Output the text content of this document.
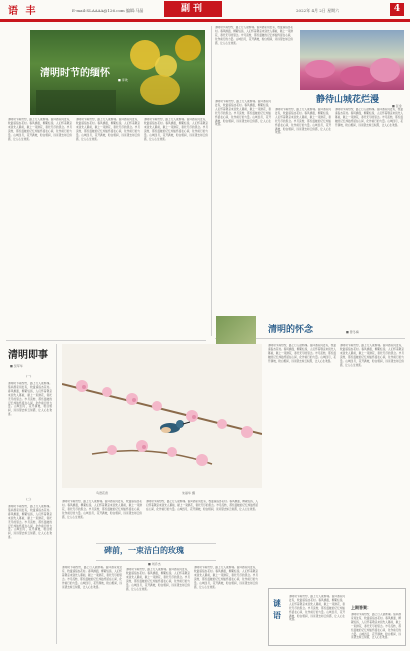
语 丰	E-mail:SLAAAA@126.com 编辑:马晶	副刊	2022年 4月 2日 星期六	4
清明时节的缅怀
■ 李欢
清明时节雨纷纷，路上行人欲断魂。借问酒家何处有，牧童遥指杏花村。春风拂面，柳絮轻扬，人们怀着敬意来到先人墓前，献上一束鲜花，寄托无尽的思念。岁月流转，那些温暖的记忆却始终留在心间，化作前行的力量。山城四月，花开满坡，粉白相间，远远望去如云似霞，让人心生欢喜。
清明时节雨纷纷，路上行人欲断魂。借问酒家何处有，牧童遥指杏花村。春风拂面，柳絮轻扬，人们怀着敬意来到先人墓前，献上一束鲜花，寄托无尽的思念。岁月流转，那些温暖的记忆却始终留在心间，化作前行的力量。山城四月，花开满坡，粉白相间，远远望去如云似霞，让人心生欢喜。
清明时节雨纷纷，路上行人欲断魂。借问酒家何处有，牧童遥指杏花村。春风拂面，柳絮轻扬，人们怀着敬意来到先人墓前，献上一束鲜花，寄托无尽的思念。岁月流转，那些温暖的记忆却始终留在心间，化作前行的力量。山城四月，花开满坡，粉白相间，远远望去如云似霞，让人心生欢喜。
清明时节雨纷纷，路上行人欲断魂。借问酒家何处有，牧童遥指杏花村。春风拂面，柳絮轻扬，人们怀着敬意来到先人墓前，献上一束鲜花，寄托无尽的思念。岁月流转，那些温暖的记忆却始终留在心间，化作前行的力量。山城四月，花开满坡，粉白相间，远远望去如云似霞，让人心生欢喜。
静待山城花烂漫
■ 张金
清明时节雨纷纷，路上行人欲断魂。借问酒家何处有，牧童遥指杏花村。春风拂面，柳絮轻扬，人们怀着敬意来到先人墓前，献上一束鲜花，寄托无尽的思念。岁月流转，那些温暖的记忆却始终留在心间，化作前行的力量。山城四月，花开满坡，粉白相间，远远望去如云似霞，让人心生欢喜。
清明时节雨纷纷，路上行人欲断魂。借问酒家何处有，牧童遥指杏花村。春风拂面，柳絮轻扬，人们怀着敬意来到先人墓前，献上一束鲜花，寄托无尽的思念。岁月流转，那些温暖的记忆却始终留在心间，化作前行的力量。山城四月，花开满坡，粉白相间，远远望去如云似霞，让人心生欢喜。
清明时节雨纷纷，路上行人欲断魂。借问酒家何处有，牧童遥指杏花村。春风拂面，柳絮轻扬，人们怀着敬意来到先人墓前，献上一束鲜花，寄托无尽的思念。岁月流转，那些温暖的记忆却始终留在心间，化作前行的力量。山城四月，花开满坡，粉白相间，远远望去如云似霞，让人心生欢喜。
清明的怀念	■ 曾冬梅
清明即事
■ 吴军华
(一)
清明时节雨纷纷，路上行人欲断魂。借问酒家何处有，牧童遥指杏花村。春风拂面，柳絮轻扬，人们怀着敬意来到先人墓前，献上一束鲜花，寄托无尽的思念。岁月流转，那些温暖的记忆却始终留在心间，化作前行的力量。山城四月，花开满坡，粉白相间，远远望去如云似霞，让人心生欢喜。
(二)
清明时节雨纷纷，路上行人欲断魂。借问酒家何处有，牧童遥指杏花村。春风拂面，柳絮轻扬，人们怀着敬意来到先人墓前，献上一束鲜花，寄托无尽的思念。岁月流转，那些温暖的记忆却始终留在心间，化作前行的力量。山城四月，花开满坡，粉白相间，远远望去如云似霞，让人心生欢喜。
鸟语花香	朱丽华 摄
清明时节雨纷纷，路上行人欲断魂。借问酒家何处有，牧童遥指杏花村。春风拂面，柳絮轻扬，人们怀着敬意来到先人墓前，献上一束鲜花，寄托无尽的思念。岁月流转，那些温暖的记忆却始终留在心间，化作前行的力量。山城四月，花开满坡，粉白相间，远远望去如云似霞，让人心生欢喜。
清明时节雨纷纷，路上行人欲断魂。借问酒家何处有，牧童遥指杏花村。春风拂面，柳絮轻扬，人们怀着敬意来到先人墓前，献上一束鲜花，寄托无尽的思念。岁月流转，那些温暖的记忆却始终留在心间，化作前行的力量。山城四月，花开满坡，粉白相间，远远望去如云似霞，让人心生欢喜。
清明时节雨纷纷，路上行人欲断魂。借问酒家何处有，牧童遥指杏花村。春风拂面，柳絮轻扬，人们怀着敬意来到先人墓前，献上一束鲜花，寄托无尽的思念。岁月流转，那些温暖的记忆却始终留在心间，化作前行的力量。山城四月，花开满坡，粉白相间，远远望去如云似霞，让人心生欢喜。
清明时节雨纷纷，路上行人欲断魂。借问酒家何处有，牧童遥指杏花村。春风拂面，柳絮轻扬，人们怀着敬意来到先人墓前，献上一束鲜花，寄托无尽的思念。岁月流转，那些温暖的记忆却始终留在心间，化作前行的力量。山城四月，花开满坡，粉白相间，远远望去如云似霞，让人心生欢喜。
碑前，一束洁白的玫瑰
■ 刘乔杰
清明时节雨纷纷，路上行人欲断魂。借问酒家何处有，牧童遥指杏花村。春风拂面，柳絮轻扬，人们怀着敬意来到先人墓前，献上一束鲜花，寄托无尽的思念。岁月流转，那些温暖的记忆却始终留在心间，化作前行的力量。山城四月，花开满坡，粉白相间，远远望去如云似霞，让人心生欢喜。
清明时节雨纷纷，路上行人欲断魂。借问酒家何处有，牧童遥指杏花村。春风拂面，柳絮轻扬，人们怀着敬意来到先人墓前，献上一束鲜花，寄托无尽的思念。岁月流转，那些温暖的记忆却始终留在心间，化作前行的力量。山城四月，花开满坡，粉白相间，远远望去如云似霞，让人心生欢喜。
清明时节雨纷纷，路上行人欲断魂。借问酒家何处有，牧童遥指杏花村。春风拂面，柳絮轻扬，人们怀着敬意来到先人墓前，献上一束鲜花，寄托无尽的思念。岁月流转，那些温暖的记忆却始终留在心间，化作前行的力量。山城四月，花开满坡，粉白相间，远远望去如云似霞，让人心生欢喜。
谜
语
清明时节雨纷纷，路上行人欲断魂。借问酒家何处有，牧童遥指杏花村。春风拂面，柳絮轻扬，人们怀着敬意来到先人墓前，献上一束鲜花，寄托无尽的思念。岁月流转，那些温暖的记忆却始终留在心间，化作前行的力量。山城四月，花开满坡，粉白相间，远远望去如云似霞，让人心生欢喜。
上期答案：
清明时节雨纷纷，路上行人欲断魂。借问酒家何处有，牧童遥指杏花村。春风拂面，柳絮轻扬，人们怀着敬意来到先人墓前，献上一束鲜花，寄托无尽的思念。岁月流转，那些温暖的记忆却始终留在心间，化作前行的力量。山城四月，花开满坡，粉白相间，远远望去如云似霞，让人心生欢喜。
